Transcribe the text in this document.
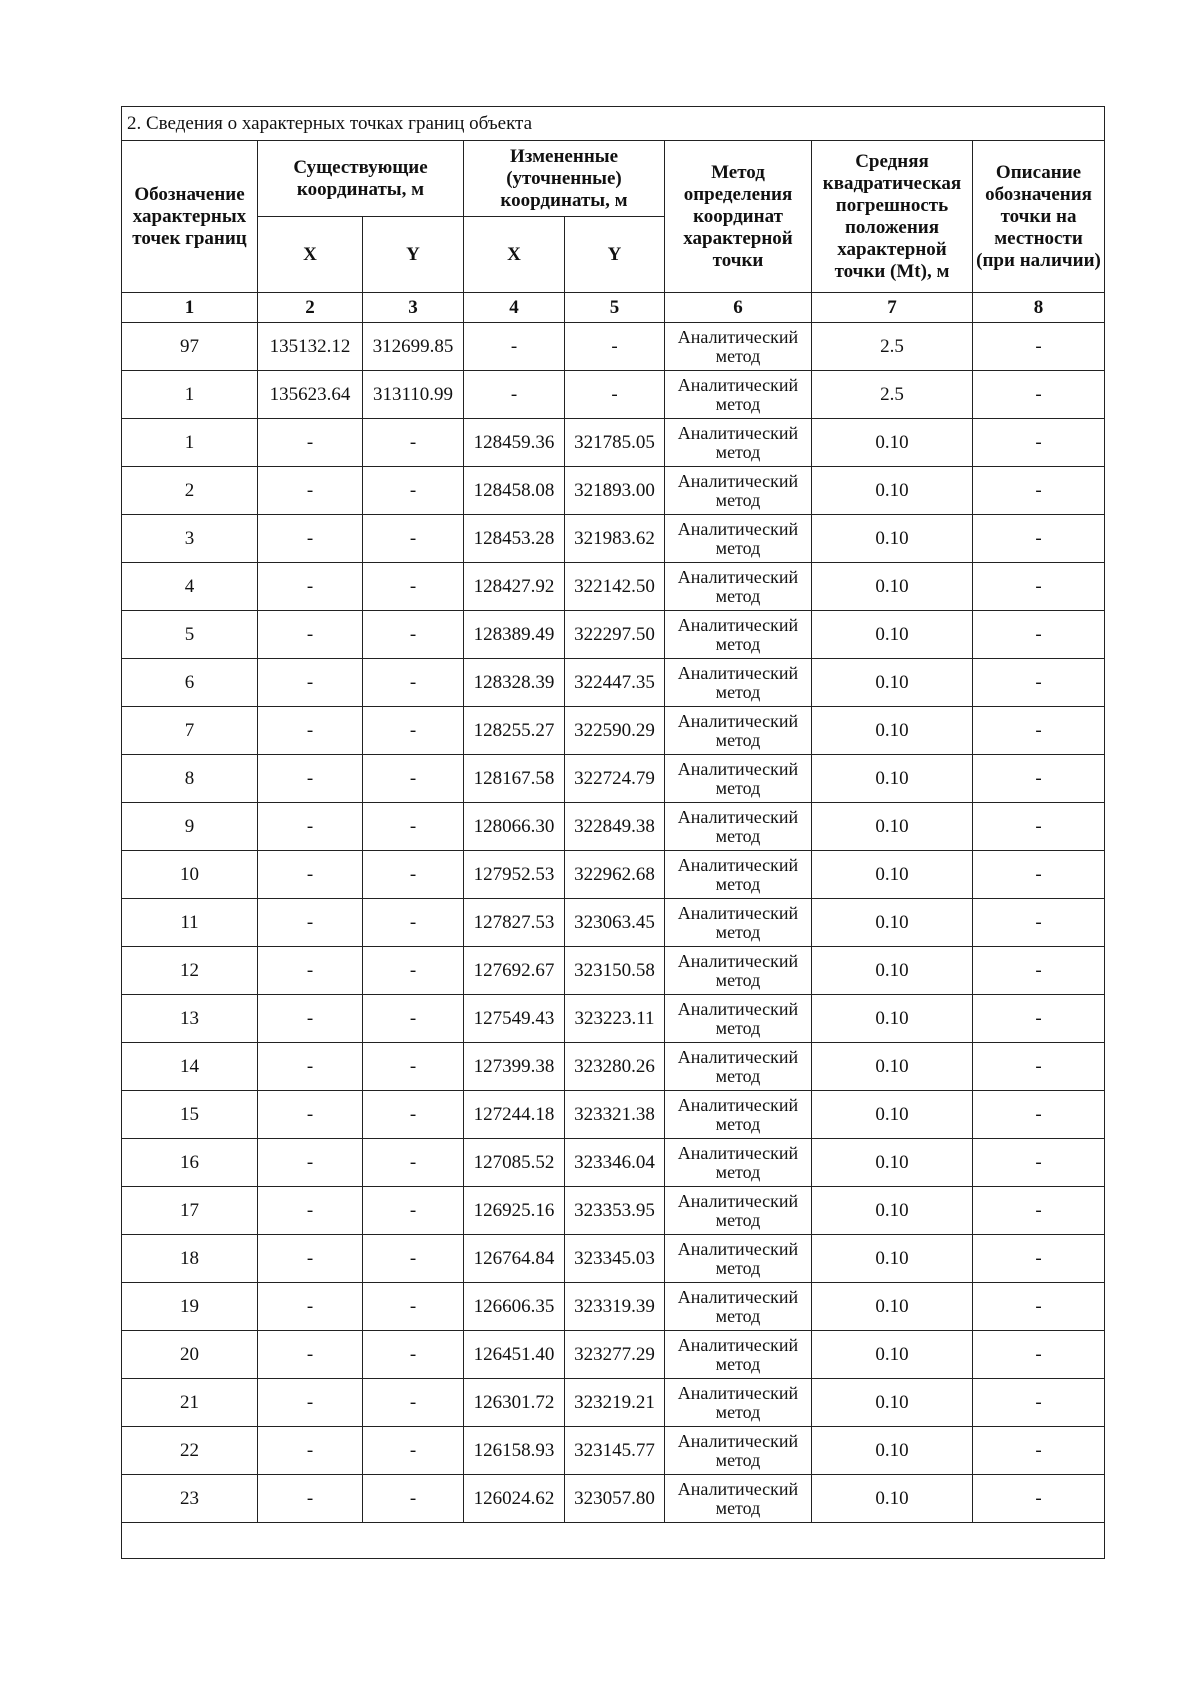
2. Сведения о характерных точках границ объекта							
Обозначение характерных точек границ	Существующие координаты, м		Измененные (уточненные) координаты, м		Метод определения координат характерной точки	Средняя квадратическая погрешность положения характерной точки (Mt), м	Описание обозначения точки на местности (при наличии)
	X	Y	X	Y			
1	2	3	4	5	6	7	8
97	135132.12	312699.85	-	-	Аналитический метод	2.5	-
1	135623.64	313110.99	-	-	Аналитический метод	2.5	-
1	-	-	128459.36	321785.05	Аналитический метод	0.10	-
2	-	-	128458.08	321893.00	Аналитический метод	0.10	-
3	-	-	128453.28	321983.62	Аналитический метод	0.10	-
4	-	-	128427.92	322142.50	Аналитический метод	0.10	-
5	-	-	128389.49	322297.50	Аналитический метод	0.10	-
6	-	-	128328.39	322447.35	Аналитический метод	0.10	-
7	-	-	128255.27	322590.29	Аналитический метод	0.10	-
8	-	-	128167.58	322724.79	Аналитический метод	0.10	-
9	-	-	128066.30	322849.38	Аналитический метод	0.10	-
10	-	-	127952.53	322962.68	Аналитический метод	0.10	-
11	-	-	127827.53	323063.45	Аналитический метод	0.10	-
12	-	-	127692.67	323150.58	Аналитический метод	0.10	-
13	-	-	127549.43	323223.11	Аналитический метод	0.10	-
14	-	-	127399.38	323280.26	Аналитический метод	0.10	-
15	-	-	127244.18	323321.38	Аналитический метод	0.10	-
16	-	-	127085.52	323346.04	Аналитический метод	0.10	-
17	-	-	126925.16	323353.95	Аналитический метод	0.10	-
18	-	-	126764.84	323345.03	Аналитический метод	0.10	-
19	-	-	126606.35	323319.39	Аналитический метод	0.10	-
20	-	-	126451.40	323277.29	Аналитический метод	0.10	-
21	-	-	126301.72	323219.21	Аналитический метод	0.10	-
22	-	-	126158.93	323145.77	Аналитический метод	0.10	-
23	-	-	126024.62	323057.80	Аналитический метод	0.10	-
